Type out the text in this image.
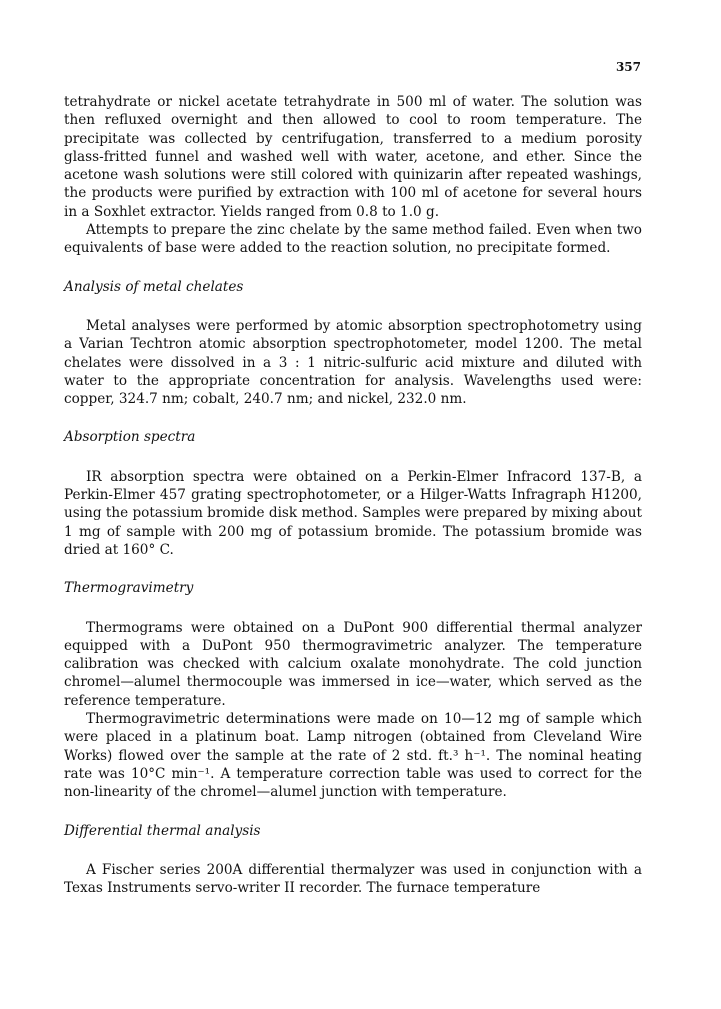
357

tetrahydrate or nickel acetate tetrahydrate in 500 ml of water. The solution was then refluxed overnight and then allowed to cool to room temperature. The precipitate was collected by centrifugation, transferred to a medium porosity glass-fritted funnel and washed well with water, acetone, and ether. Since the acetone wash solutions were still colored with quinizarin after repeated washings, the products were purified by extraction with 100 ml of acetone for several hours in a Soxhlet extractor. Yields ranged from 0.8 to 1.0 g.

Attempts to prepare the zinc chelate by the same method failed. Even when two equivalents of base were added to the reaction solution, no precipitate formed.

Analysis of metal chelates

Metal analyses were performed by atomic absorption spectrophotometry using a Varian Techtron atomic absorption spectrophotometer, model 1200. The metal chelates were dissolved in a 3 : 1 nitric-sulfuric acid mixture and diluted with water to the appropriate concentration for analysis. Wavelengths used were: copper, 324.7 nm; cobalt, 240.7 nm; and nickel, 232.0 nm.

Absorption spectra

IR absorption spectra were obtained on a Perkin-Elmer Infracord 137-B, a Perkin-Elmer 457 grating spectrophotometer, or a Hilger-Watts Infragraph H1200, using the potassium bromide disk method. Samples were prepared by mixing about 1 mg of sample with 200 mg of potassium bromide. The potassium bromide was dried at 160° C.

Thermogravimetry

Thermograms were obtained on a DuPont 900 differential thermal analyzer equipped with a DuPont 950 thermogravimetric analyzer. The temperature calibration was checked with calcium oxalate monohydrate. The cold junction chromel—alumel thermocouple was immersed in ice—water, which served as the reference temperature.

Thermogravimetric determinations were made on 10—12 mg of sample which were placed in a platinum boat. Lamp nitrogen (obtained from Cleveland Wire Works) flowed over the sample at the rate of 2 std. ft.³ h⁻¹. The nominal heating rate was 10°C min⁻¹. A temperature correction table was used to correct for the non-linearity of the chromel—alumel junction with temperature.

Differential thermal analysis

A Fischer series 200A differential thermalyzer was used in conjunction with a Texas Instruments servo-writer II recorder. The furnace temperature
